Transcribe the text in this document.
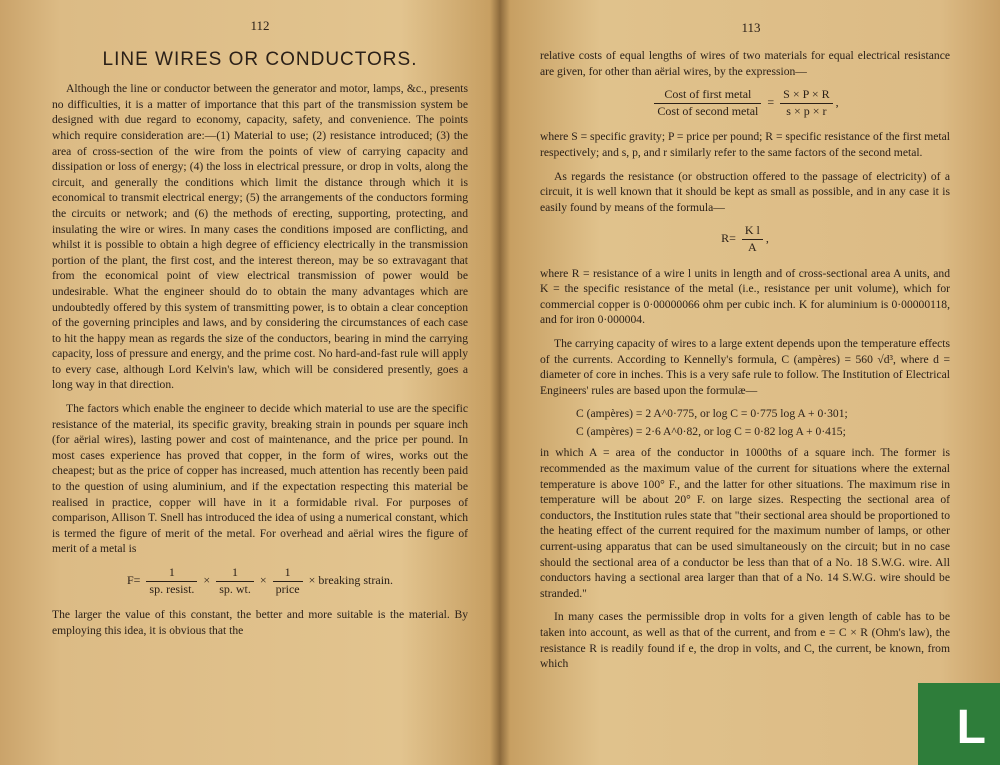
112
LINE WIRES OR CONDUCTORS.

Although the line or conductor between the generator and motor, lamps, &c., presents no difficulties, it is a matter of importance that this part of the transmission system be designed with due regard to economy, capacity, safety, and convenience. The points which require consideration are:—(1) Material to use; (2) resistance introduced; (3) the area of cross-section of the wire from the points of view of carrying capacity and dissipation or loss of energy; (4) the loss in electrical pressure, or drop in volts, along the circuit, and generally the conditions which limit the distance through which it is economical to transmit electrical energy; (5) the arrangements of the conductors forming the circuits or network; and (6) the methods of erecting, supporting, protecting, and insulating the wire or wires. In many cases the conditions imposed are conflicting, and whilst it is possible to obtain a high degree of efficiency electrically in the transmission portion of the plant, the first cost, and the interest thereon, may be so extravagant that from the economical point of view electrical transmission of power would be undesirable. What the engineer should do to obtain the many advantages which are undoubtedly offered by this system of transmitting power, is to obtain a clear conception of the governing principles and laws, and by considering the circumstances of each case to hit the happy mean as regards the size of the conductors, bearing in mind the carrying capacity, loss of pressure and energy, and the prime cost. No hard-and-fast rule will apply to every case, although Lord Kelvin's law, which will be considered presently, goes a long way in that direction.

The factors which enable the engineer to decide which material to use are the specific resistance of the material, its specific gravity, breaking strain in pounds per square inch (for aërial wires), lasting power and cost of maintenance, and the price per pound. In most cases experience has proved that copper, in the form of wires, works out the cheapest; but as the price of copper has increased, much attention has recently been paid to the question of using aluminium, and if the expectation respecting this material be realised in practice, copper will have in it a formidable rival. For purposes of comparison, Allison T. Snell has introduced the idea of using a numerical constant, which is termed the figure of merit of the metal. For overhead and aërial wires the figure of merit of a metal is

$F= \frac{1}{\text{sp. resist.}} \times \frac{1}{sp. wt.} \times \frac{1}{\text{price}}$ × breaking strain.

The larger the value of this constant, the better and more suitable is the material. By employing this idea, it is obvious that the

113

relative costs of equal lengths of wires of two materials for equal electrical resistance are given, for other than aërial wires, by the expression—

$\frac{\text{Cost of first metal}}{\text{Cost of second metal}} = \frac{S \times P \times R}{s \times p \times r}$ ,

where S = specific gravity; P = price per pound; R = specific resistance of the first metal respectively; and s, p, and r similarly refer to the same factors of the second metal.

As regards the resistance (or obstruction offered to the passage of electricity) of a circuit, it is well known that it should be kept as small as possible, and in any case it is easily found by means of the formula—

$R= \frac{\text{K l}}{A}$ ,

where R = resistance of a wire l units in length and of cross-sectional area A units, and K = the specific resistance of the metal (i.e., resistance per unit volume), which for commercial copper is 0·00000066 ohm per cubic inch. K for aluminium is 0·00000118, and for iron 0·000004.

The carrying capacity of wires to a large extent depends upon the temperature effects of the currents. According to Kennelly's formula, C (ampères) = 560 √d³, where d = diameter of core in inches. This is a very safe rule to follow. The Institution of Electrical Engineers' rules are based upon the formulæ—

C (ampères) = 2 A^0·775, or log C = 0·775 log A + 0·301;
C (ampères) = 2·6 A^0·82, or log C = 0·82 log A + 0·415;

in which A = area of the conductor in 1000ths of a square inch. The former is recommended as the maximum value of the current for situations where the external temperature is above 100° F., and the latter for other situations. The maximum rise in temperature will be about 20° F. on large sizes. Respecting the sectional area of conductors, the Institution rules state that "their sectional area should be proportioned to the heating effect of the current required for the maximum number of lamps, or other current-using apparatus that can be used simultaneously on the circuit; but in no case should the sectional area of a conductor be less than that of a No. 18 S.W.G. wire. All conductors having a sectional area larger than that of a No. 14 S.W.G. wire should be stranded."

In many cases the permissible drop in volts for a given length of cable has to be taken into account, as well as that of the current, and from e = C × R (Ohm's law), the resistance R is readily found if e, the drop in volts, and C, the current, be known, from which

L
